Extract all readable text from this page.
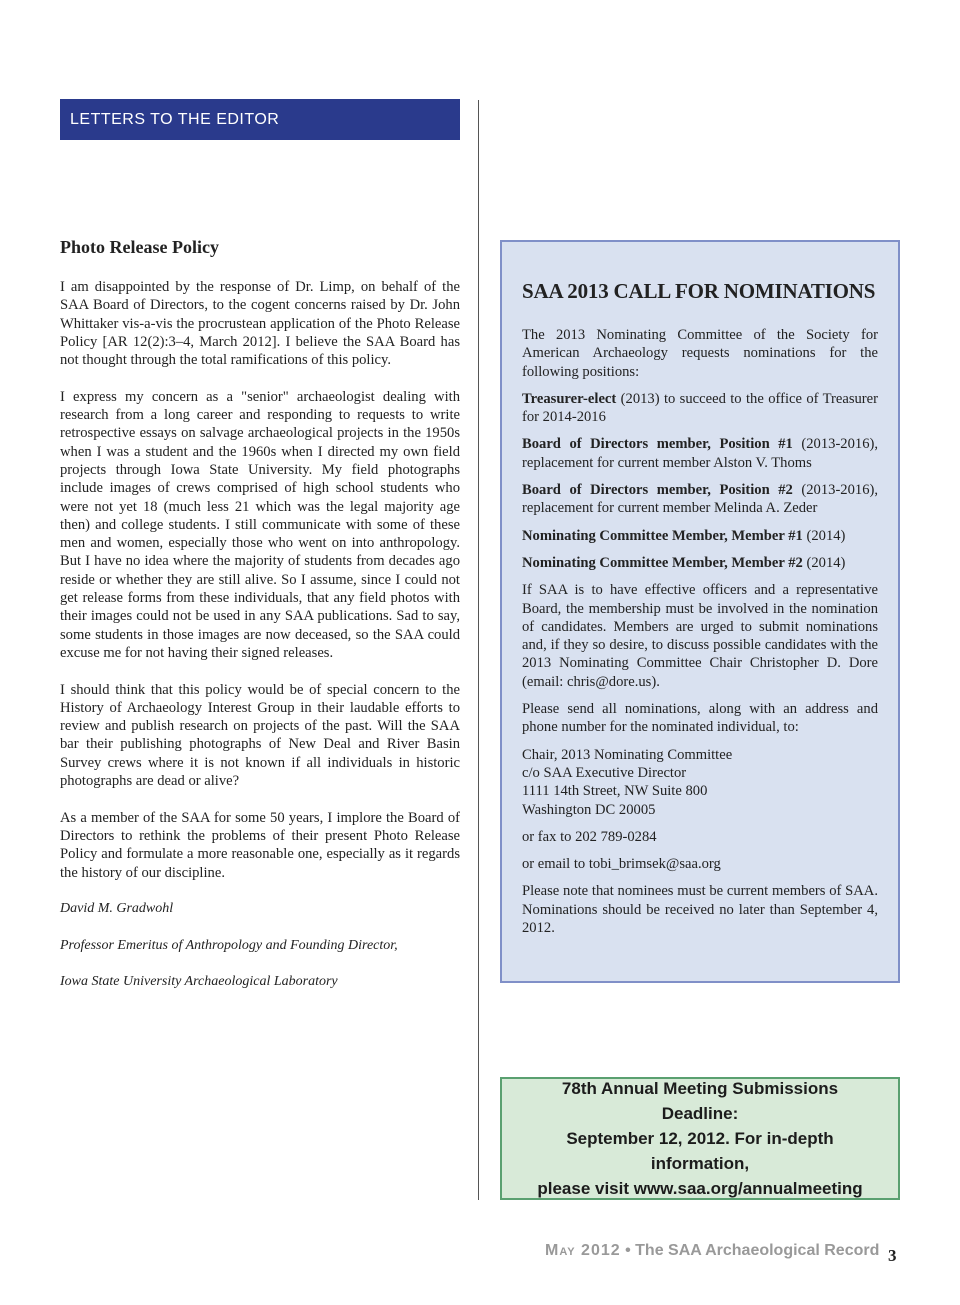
LETTERS TO THE EDITOR
Photo Release Policy

I am disappointed by the response of Dr. Limp, on behalf of the SAA Board of Directors, to the cogent concerns raised by Dr. John Whittaker vis-a-vis the procrustean application of the Photo Release Policy [AR 12(2):3–4, March 2012]. I believe the SAA Board has not thought through the total ramifications of this policy.

I express my concern as a "senior" archaeologist dealing with research from a long career and responding to requests to write retrospective essays on salvage archaeological projects in the 1950s when I was a student and the 1960s when I directed my own field projects through Iowa State University. My field photographs include images of crews comprised of high school students who were not yet 18 (much less 21 which was the legal majority age then) and college students. I still communicate with some of these men and women, especially those who went on into anthropology. But I have no idea where the majority of students from decades ago reside or whether they are still alive. So I assume, since I could not get release forms from these individuals, that any field photos with their images could not be used in any SAA publications. Sad to say, some students in those images are now deceased, so the SAA could excuse me for not having their signed releases.

I should think that this policy would be of special concern to the History of Archaeology Interest Group in their laudable efforts to review and publish research on projects of the past. Will the SAA bar their publishing photographs of New Deal and River Basin Survey crews where it is not known if all individuals in historic photographs are dead or alive?

As a member of the SAA for some 50 years, I implore the Board of Directors to rethink the problems of their present Photo Release Policy and formulate a more reasonable one, especially as it regards the history of our discipline.

David M. Gradwohl

Professor Emeritus of Anthropology and Founding Director,

Iowa State University Archaeological Laboratory

SAA 2013 CALL FOR NOMINATIONS

The 2013 Nominating Committee of the Society for American Archaeology requests nominations for the following positions:

Treasurer-elect (2013) to succeed to the office of Treasurer for 2014-2016

Board of Directors member, Position #1 (2013-2016), replacement for current member Alston V. Thoms

Board of Directors member, Position #2 (2013-2016), replacement for current member Melinda A. Zeder

Nominating Committee Member, Member #1 (2014)

Nominating Committee Member, Member #2 (2014)

If SAA is to have effective officers and a representative Board, the membership must be involved in the nomination of candidates. Members are urged to submit nominations and, if they so desire, to discuss possible candidates with the 2013 Nominating Committee Chair Christopher D. Dore (email: chris@dore.us).

Please send all nominations, along with an address and phone number for the nominated individual, to:

Chair, 2013 Nominating Committee
c/o SAA Executive Director
1111 14th Street, NW Suite 800
Washington DC 20005

or fax to 202 789-0284

or email to tobi_brimsek@saa.org

Please note that nominees must be current members of SAA. Nominations should be received no later than September 4, 2012.

78th Annual Meeting Submissions Deadline:
September 12, 2012. For in-depth information,
please visit www.saa.org/annualmeeting
May 2012 • The SAA Archaeological Record 3
